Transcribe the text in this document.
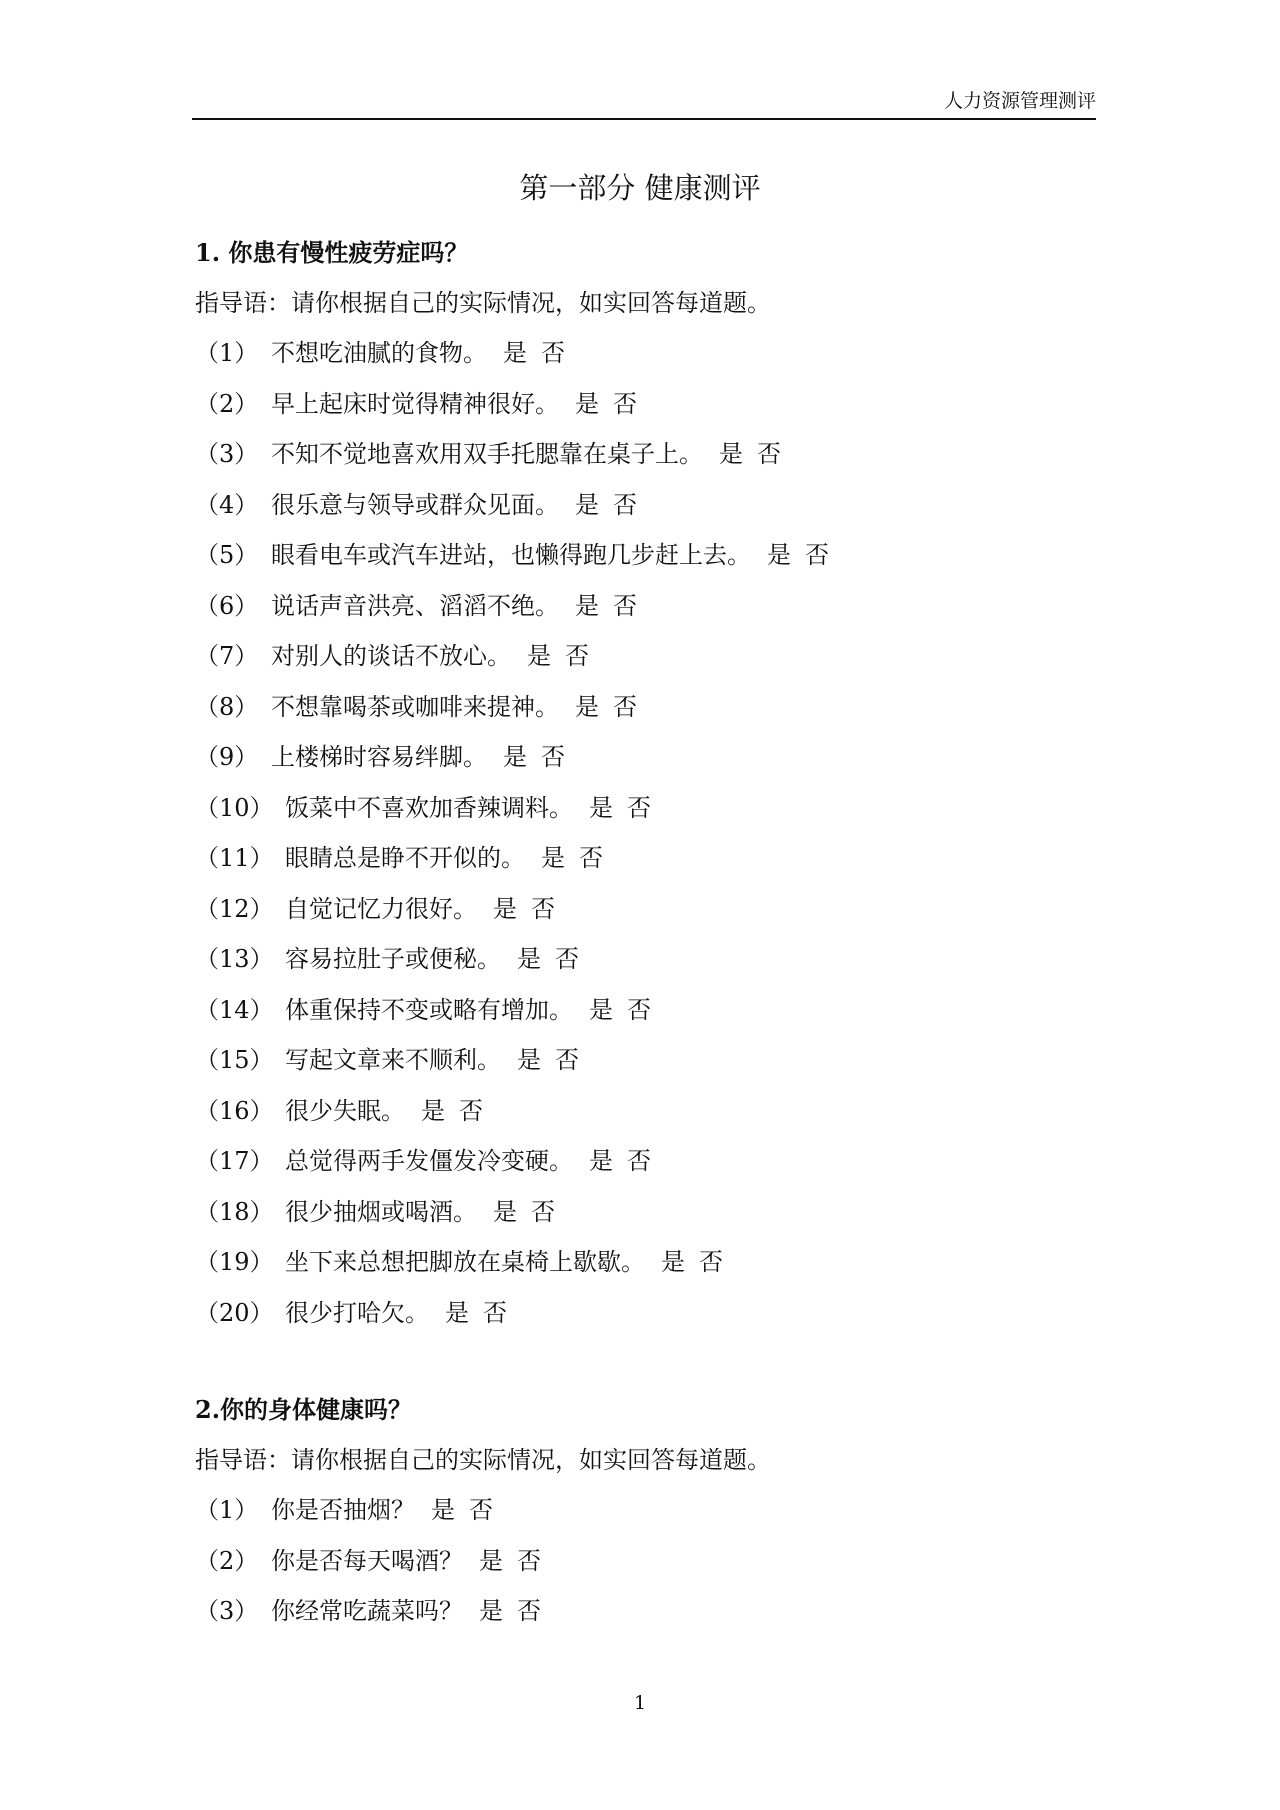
人力资源管理测评
第一部分 健康测评
1. 你患有慢性疲劳症吗？
指导语：请你根据自己的实际情况，如实回答每道题。
（1） 不想吃油腻的食物。 是 否
（2） 早上起床时觉得精神很好。 是 否
（3） 不知不觉地喜欢用双手托腮靠在桌子上。 是 否
（4） 很乐意与领导或群众见面。 是 否
（5） 眼看电车或汽车进站，也懒得跑几步赶上去。 是 否
（6） 说话声音洪亮、滔滔不绝。 是 否
（7） 对别人的谈话不放心。 是 否
（8） 不想靠喝茶或咖啡来提神。 是 否
（9） 上楼梯时容易绊脚。 是 否
（10） 饭菜中不喜欢加香辣调料。 是 否
（11） 眼睛总是睁不开似的。 是 否
（12） 自觉记忆力很好。 是 否
（13） 容易拉肚子或便秘。 是 否
（14） 体重保持不变或略有增加。 是 否
（15） 写起文章来不顺利。 是 否
（16） 很少失眠。 是 否
（17） 总觉得两手发僵发冷变硬。 是 否
（18） 很少抽烟或喝酒。 是 否
（19） 坐下来总想把脚放在桌椅上歇歇。 是 否
（20） 很少打哈欠。 是 否
2.你的身体健康吗？
指导语：请你根据自己的实际情况，如实回答每道题。
（1） 你是否抽烟？ 是 否
（2） 你是否每天喝酒？ 是 否
（3） 你经常吃蔬菜吗？ 是 否
1
